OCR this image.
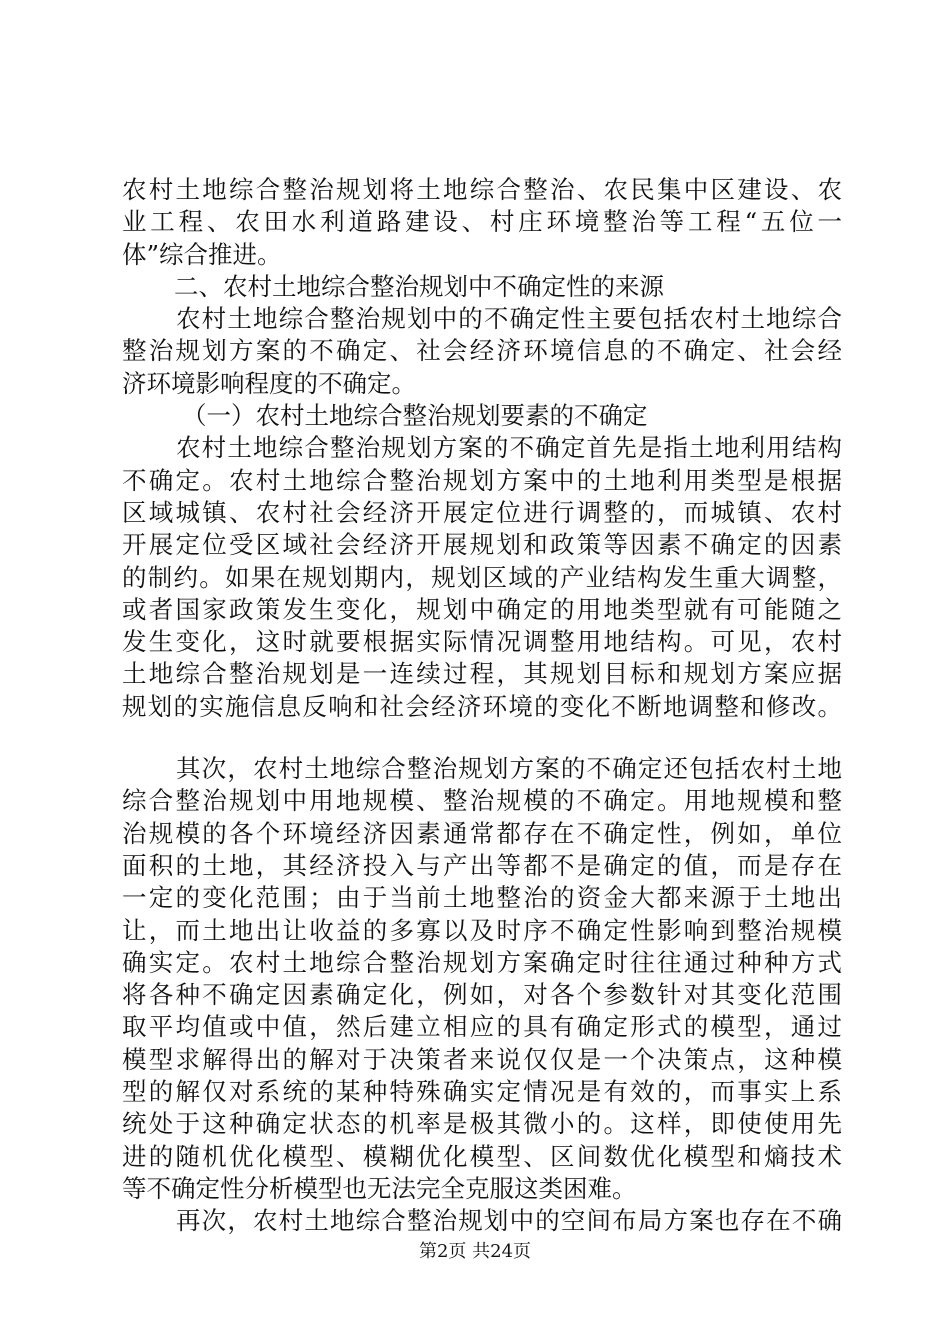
农村土地综合整治规划将土地综合整治、农民集中区建设、农
业工程、农田水利道路建设、村庄环境整治等工程“五位一
体”综合推进。
二、农村土地综合整治规划中不确定性的来源
农村土地综合整治规划中的不确定性主要包括农村土地综合
整治规划方案的不确定、社会经济环境信息的不确定、社会经
济环境影响程度的不确定。
（一）农村土地综合整治规划要素的不确定
农村土地综合整治规划方案的不确定首先是指土地利用结构
不确定。农村土地综合整治规划方案中的土地利用类型是根据
区域城镇、农村社会经济开展定位进行调整的，而城镇、农村
开展定位受区域社会经济开展规划和政策等因素不确定的因素
的制约。如果在规划期内，规划区域的产业结构发生重大调整，
或者国家政策发生变化，规划中确定的用地类型就有可能随之
发生变化，这时就要根据实际情况调整用地结构。可见，农村
土地综合整治规划是一连续过程，其规划目标和规划方案应据
规划的实施信息反响和社会经济环境的变化不断地调整和修改。
其次，农村土地综合整治规划方案的不确定还包括农村土地
综合整治规划中用地规模、整治规模的不确定。用地规模和整
治规模的各个环境经济因素通常都存在不确定性，例如，单位
面积的土地，其经济投入与产出等都不是确定的值，而是存在
一定的变化范围；由于当前土地整治的资金大都来源于土地出
让，而土地出让收益的多寡以及时序不确定性影响到整治规模
确实定。农村土地综合整治规划方案确定时往往通过种种方式
将各种不确定因素确定化，例如，对各个参数针对其变化范围
取平均值或中值，然后建立相应的具有确定形式的模型，通过
模型求解得出的解对于决策者来说仅仅是一个决策点，这种模
型的解仅对系统的某种特殊确实定情况是有效的，而事实上系
统处于这种确定状态的机率是极其微小的。这样，即使使用先
进的随机优化模型、模糊优化模型、区间数优化模型和熵技术
等不确定性分析模型也无法完全克服这类困难。
再次，农村土地综合整治规划中的空间布局方案也存在不确
第2页 共24页
